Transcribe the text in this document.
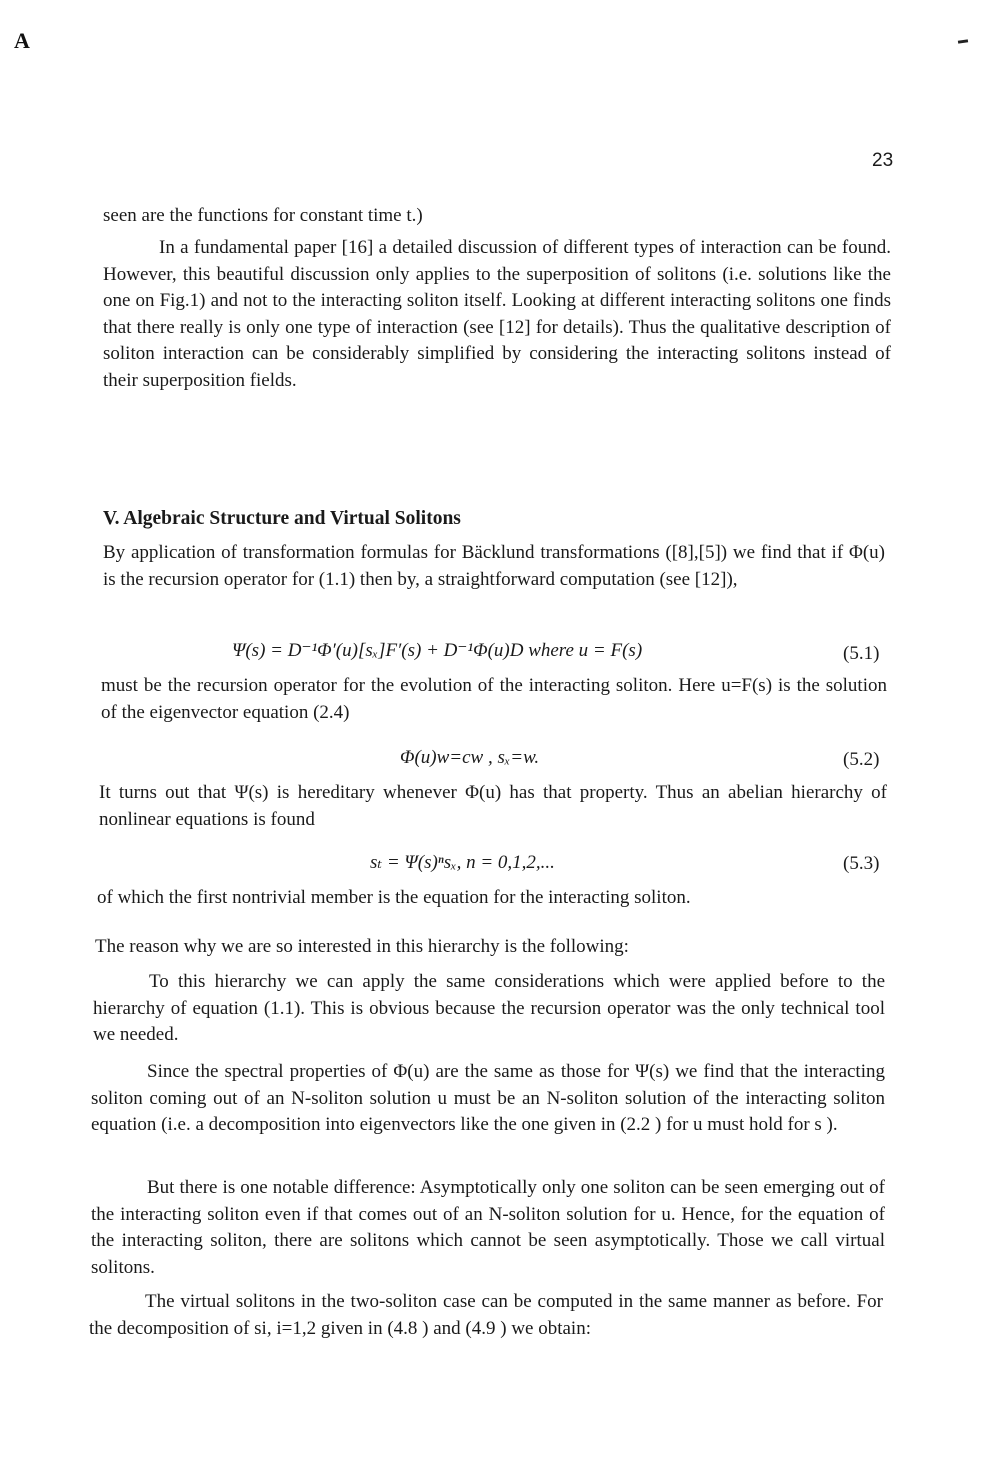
A
23

seen are the functions for constant time t.)

In a fundamental paper [16] a detailed discussion of different types of interaction can be found. However, this beautiful discussion only applies to the superposition of solitons (i.e. solutions like the one on Fig.1) and not to the interacting soliton itself. Looking at different interacting solitons one finds that there really is only one type of interaction (see [12] for details). Thus the qualitative description of soliton interaction can be considerably simplified by considering the interacting solitons instead of their superposition fields.

V. Algebraic Structure and Virtual Solitons

By application of transformation formulas for Bäcklund transformations ([8],[5]) we find that if Φ(u) is the recursion operator for (1.1) then by, a straightforward computation (see [12]),

Ψ(s) = D⁻¹Φ′(u)[sₓ]F′(s) + D⁻¹Φ(u)D where u = F(s)	(5.1)

must be the recursion operator for the evolution of the interacting soliton. Here u=F(s) is the solution of the eigenvector equation (2.4)

Φ(u)w=cw , sₓ=w.	(5.2)

It turns out that Ψ(s) is hereditary whenever Φ(u) has that property. Thus an abelian hierarchy of nonlinear equations is found

sₜ = Ψ(s)ⁿsₓ, n = 0,1,2,...	(5.3)

of which the first nontrivial member is the equation for the interacting soliton.

The reason why we are so interested in this hierarchy is the following:

To this hierarchy we can apply the same considerations which were applied before to the hierarchy of equation (1.1). This is obvious because the recursion operator was the only technical tool we needed.

Since the spectral properties of Φ(u) are the same as those for Ψ(s) we find that the interacting soliton coming out of an N-soliton solution u must be an N-soliton solution of the interacting soliton equation (i.e. a decomposition into eigenvectors like the one given in (2.2 ) for u must hold for s ).

But there is one notable difference: Asymptotically only one soliton can be seen emerging out of the interacting soliton even if that comes out of an N-soliton solution for u. Hence, for the equation of the interacting soliton, there are solitons which cannot be seen asymptotically. Those we call virtual solitons.

The virtual solitons in the two-soliton case can be computed in the same manner as before. For the decomposition of si, i=1,2 given in (4.8 ) and (4.9 ) we obtain:
